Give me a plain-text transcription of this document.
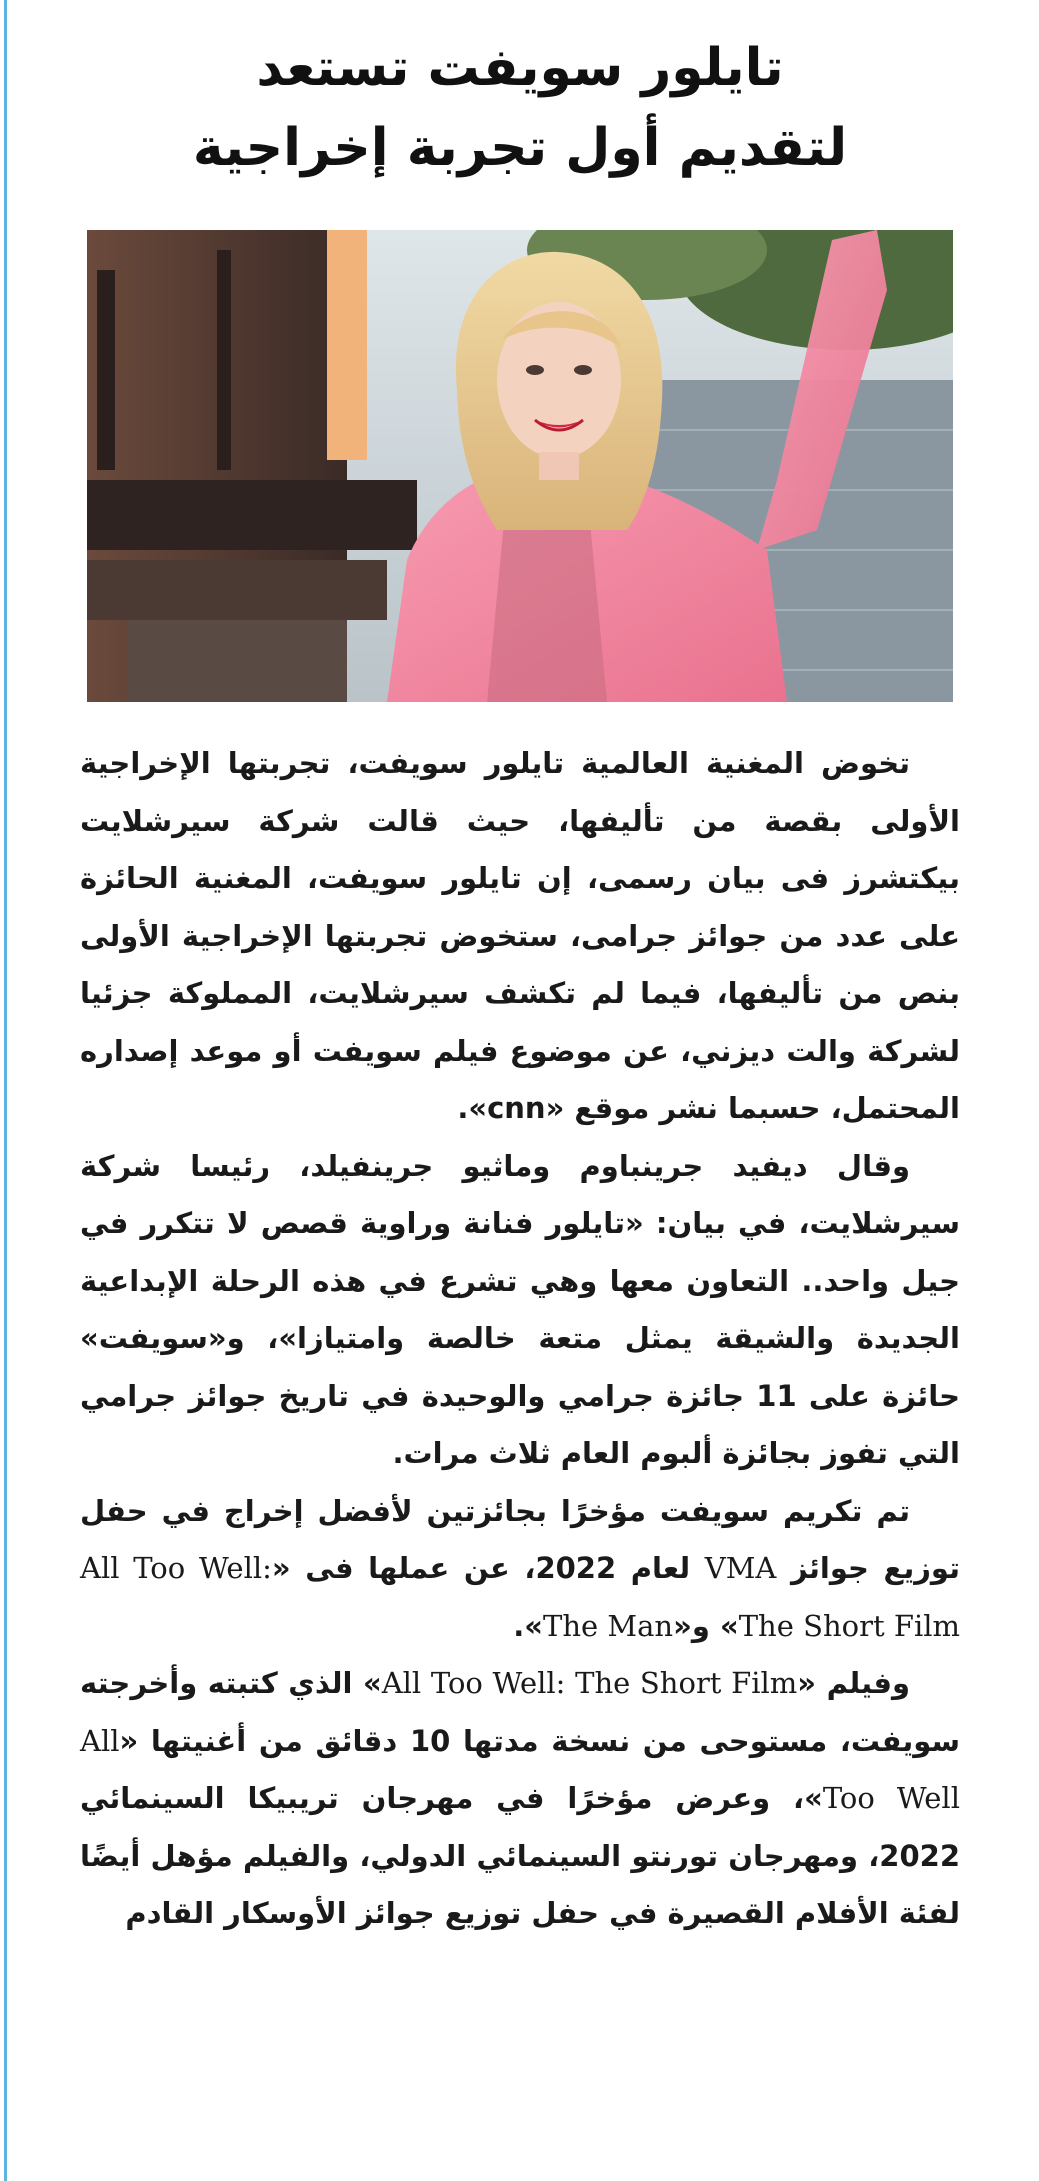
تايلور سويفت تستعد
لتقديم أول تجربة إخراجية

تخوض المغنية العالمية تايلور سويفت، تجربتها الإخراجية الأولى بقصة من تأليفها، حيث قالت شركة سيرشلايت بيكتشرز فى بيان رسمى، إن تايلور سويفت، المغنية الحائزة على عدد من جوائز جرامى، ستخوض تجربتها الإخراجية الأولى بنص من تأليفها، فيما لم تكشف سيرشلايت، المملوكة جزئيا لشركة والت ديزني، عن موضوع فيلم سويفت أو موعد إصداره المحتمل، حسبما نشر موقع «cnn».

وقال ديفيد جرينباوم وماثيو جرينفيلد، رئيسا شركة سيرشلايت، في بيان: «تايلور فنانة وراوية قصص لا تتكرر في جيل واحد.. التعاون معها وهي تشرع في هذه الرحلة الإبداعية الجديدة والشيقة يمثل متعة خالصة وامتيازا»، و«سويفت» حائزة على 11 جائزة جرامي والوحيدة في تاريخ جوائز جرامي التي تفوز بجائزة ألبوم العام ثلاث مرات.

تم تكريم سويفت مؤخرًا بجائزتين لأفضل إخراج في حفل توزيع جوائز VMA لعام 2022، عن عملها فى «All Too Well: The Short Film» و«The Man».

وفيلم «All Too Well: The Short Film» الذي كتبته وأخرجته سويفت، مستوحى من نسخة مدتها 10 دقائق من أغنيتها «All Too Well»، وعرض مؤخرًا في مهرجان تريبيكا السينمائي 2022، ومهرجان تورنتو السينمائي الدولي، والفيلم مؤهل أيضًا لفئة الأفلام القصيرة في حفل توزيع جوائز الأوسكار القادم
